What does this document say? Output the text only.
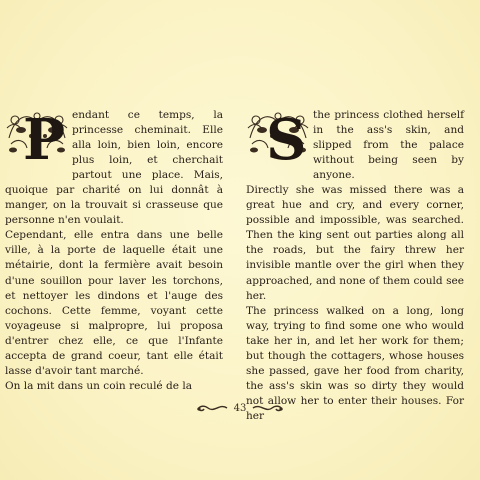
P endant ce temps, la princesse cheminait. Elle alla loin, bien loin, encore plus loin, et cherchait partout une place. Mais, quoique par charité on lui donnât à manger, on la trouvait si crasseuse que personne n'en voulait.

Cependant, elle entra dans une belle ville, à la porte de laquelle était une métairie, dont la fermière avait besoin d'une souillon pour laver les torchons, et nettoyer les dindons et l'auge des cochons. Cette femme, voyant cette voyageuse si malpropre, lui proposa d'entrer chez elle, ce que l'Infante accepta de grand coeur, tant elle était lasse d'avoir tant marché.

On la mit dans un coin reculé de la

S the princess clothed herself in the ass's skin, and slipped from the palace without being seen by anyone.

Directly she was missed there was a great hue and cry, and every corner, possible and impossible, was searched. Then the king sent out parties along all the roads, but the fairy threw her invisible mantle over the girl when they approached, and none of them could see her.

The princess walked on a long, long way, trying to find some one who would take her in, and let her work for them; but though the cottagers, whose houses she passed, gave her food from charity, the ass's skin was so dirty they would not allow her to enter their houses. For her

43
